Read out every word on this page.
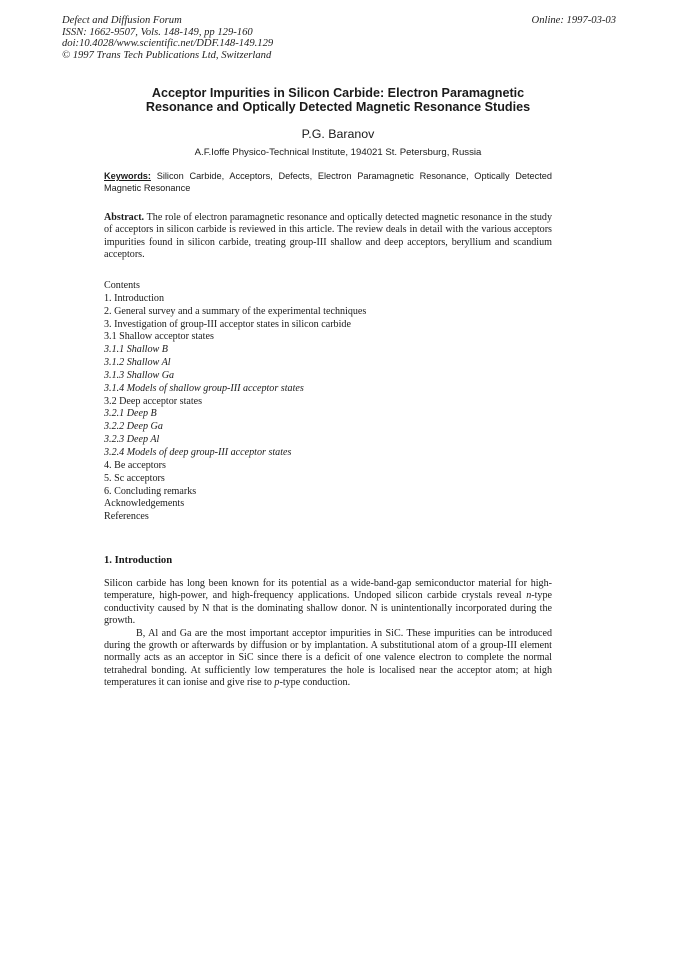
Defect and Diffusion Forum
ISSN: 1662-9507, Vols. 148-149, pp 129-160
doi:10.4028/www.scientific.net/DDF.148-149.129
© 1997 Trans Tech Publications Ltd, Switzerland
Online: 1997-03-03
Acceptor Impurities in Silicon Carbide: Electron Paramagnetic
Resonance and Optically Detected Magnetic Resonance Studies
P.G. Baranov
A.F.Ioffe Physico-Technical Institute, 194021 St. Petersburg, Russia
Keywords: Silicon Carbide, Acceptors, Defects, Electron Paramagnetic Resonance, Optically Detected Magnetic Resonance
Abstract. The role of electron paramagnetic resonance and optically detected magnetic resonance in the study of acceptors in silicon carbide is reviewed in this article. The review deals in detail with the various acceptors impurities found in silicon carbide, treating group-III shallow and deep acceptors, beryllium and scandium acceptors.
Contents
1. Introduction
2. General survey and a summary of the experimental techniques
3. Investigation of group-III acceptor states in silicon carbide
3.1 Shallow acceptor states
3.1.1 Shallow B
3.1.2 Shallow Al
3.1.3 Shallow Ga
3.1.4 Models of shallow group-III acceptor states
3.2 Deep acceptor states
3.2.1 Deep B
3.2.2 Deep Ga
3.2.3 Deep Al
3.2.4 Models of deep group-III acceptor states
4. Be acceptors
5. Sc acceptors
6. Concluding remarks
Acknowledgements
References
1. Introduction

Silicon carbide has long been known for its potential as a wide-band-gap semiconductor material for high-temperature, high-power, and high-frequency applications. Undoped silicon carbide crystals reveal n-type conductivity caused by N that is the dominating shallow donor. N is unintentionally incorporated during the growth.

B, Al and Ga are the most important acceptor impurities in SiC. These impurities can be introduced during the growth or afterwards by diffusion or by implantation. A substitutional atom of a group-III element normally acts as an acceptor in SiC since there is a deficit of one valence electron to complete the normal tetrahedral bonding. At sufficiently low temperatures the hole is localised near the acceptor atom; at high temperatures it can ionise and give rise to p-type conduction.
